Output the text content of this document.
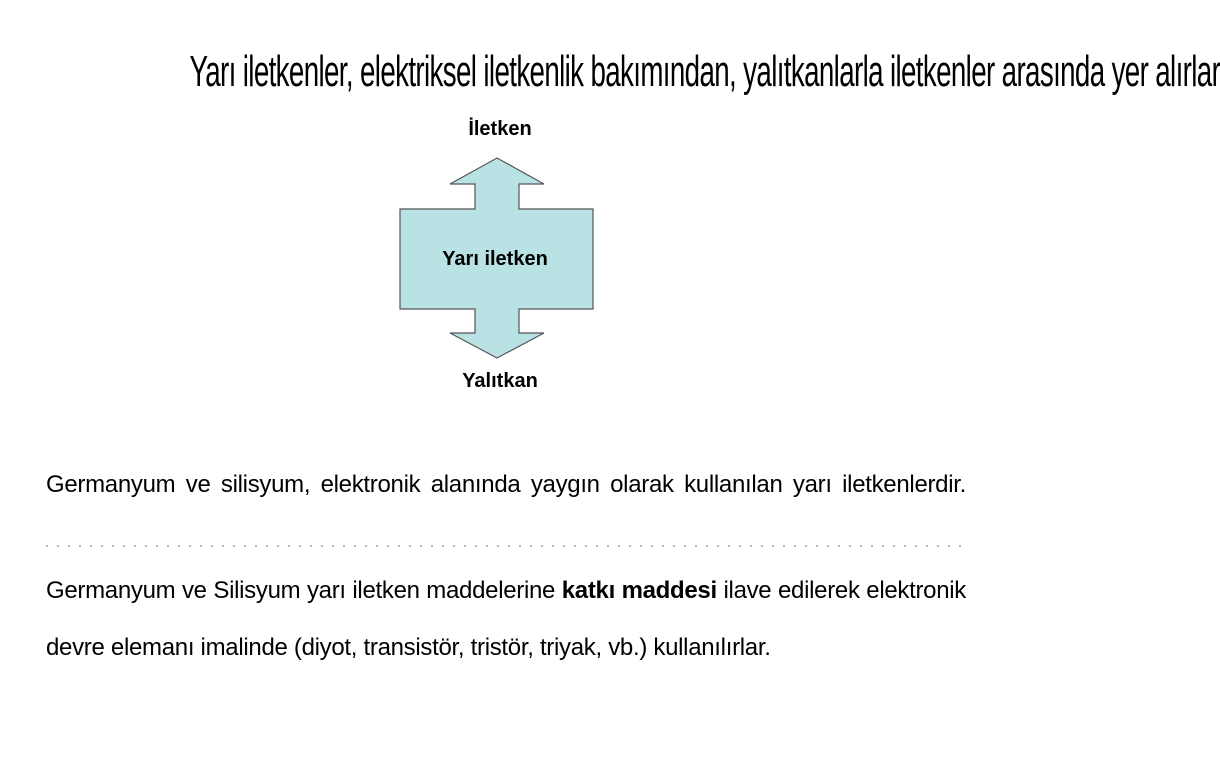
Yarı iletkenler, elektriksel iletkenlik bakımından, yalıtkanlarla iletkenler arasında yer alırlar
İletken
Yarı iletken
Yalıtkan
Germanyum ve silisyum, elektronik alanında yaygın olarak kullanılan yarı iletkenlerdir.
Germanyum ve Silisyum yarı iletken maddelerine katkı maddesi ilave edilerek elektronik
devre elemanı imalinde (diyot, transistör, tristör, triyak, vb.) kullanılırlar.
